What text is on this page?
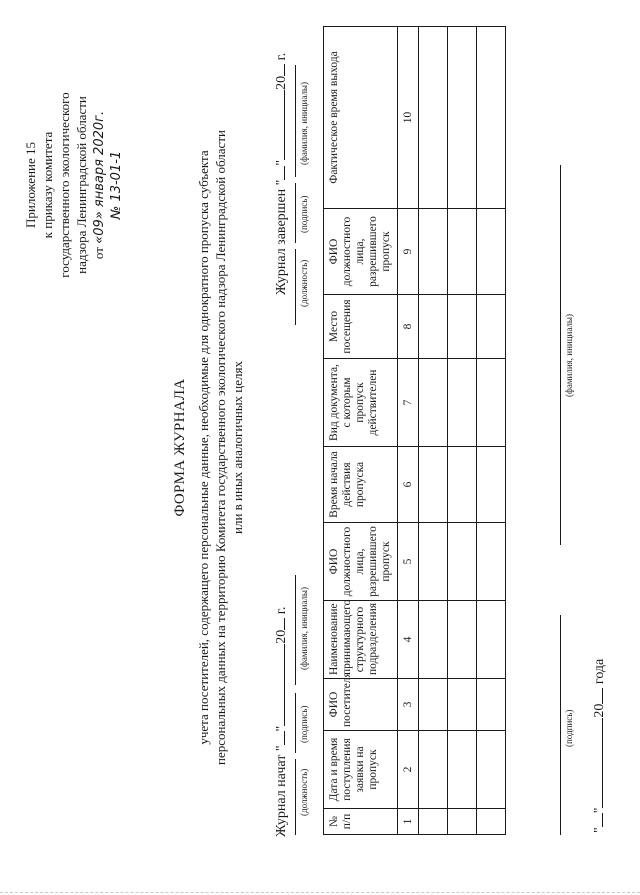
Приложение 15 к приказу комитета государственного экологического надзора Ленинградской области от «09» января 2020г. № 13-01-1
ФОРМА ЖУРНАЛА учета посетителей, содержащего персональные данные, необходимые для однократного пропуска субъекта персональных данных на территорию Комитета государственного экологического надзора Ленинградской области или в иных аналогичных целях
Журнал начат ""20 г.
Журнал завершен ""20 г.
(должность)
(подпись)
(фамилия, инициалы)
(должность)
(подпись)
(фамилия, инициалы)
№ п/п	Дата и время поступления заявки на пропуск	ФИО посетителя	Наименование принимающего структурного подразделения	ФИО должностного лица, разрешившего пропуск	Время начала действия пропуска	Вид документа, с которым пропуск действителен	Место посещения	ФИО должностного лица, разрешившего пропуск	Фактическое время выхода
1	2	3	4	5	6	7	8	9	10

(подпись)
(фамилия, инициалы)
""20 года
